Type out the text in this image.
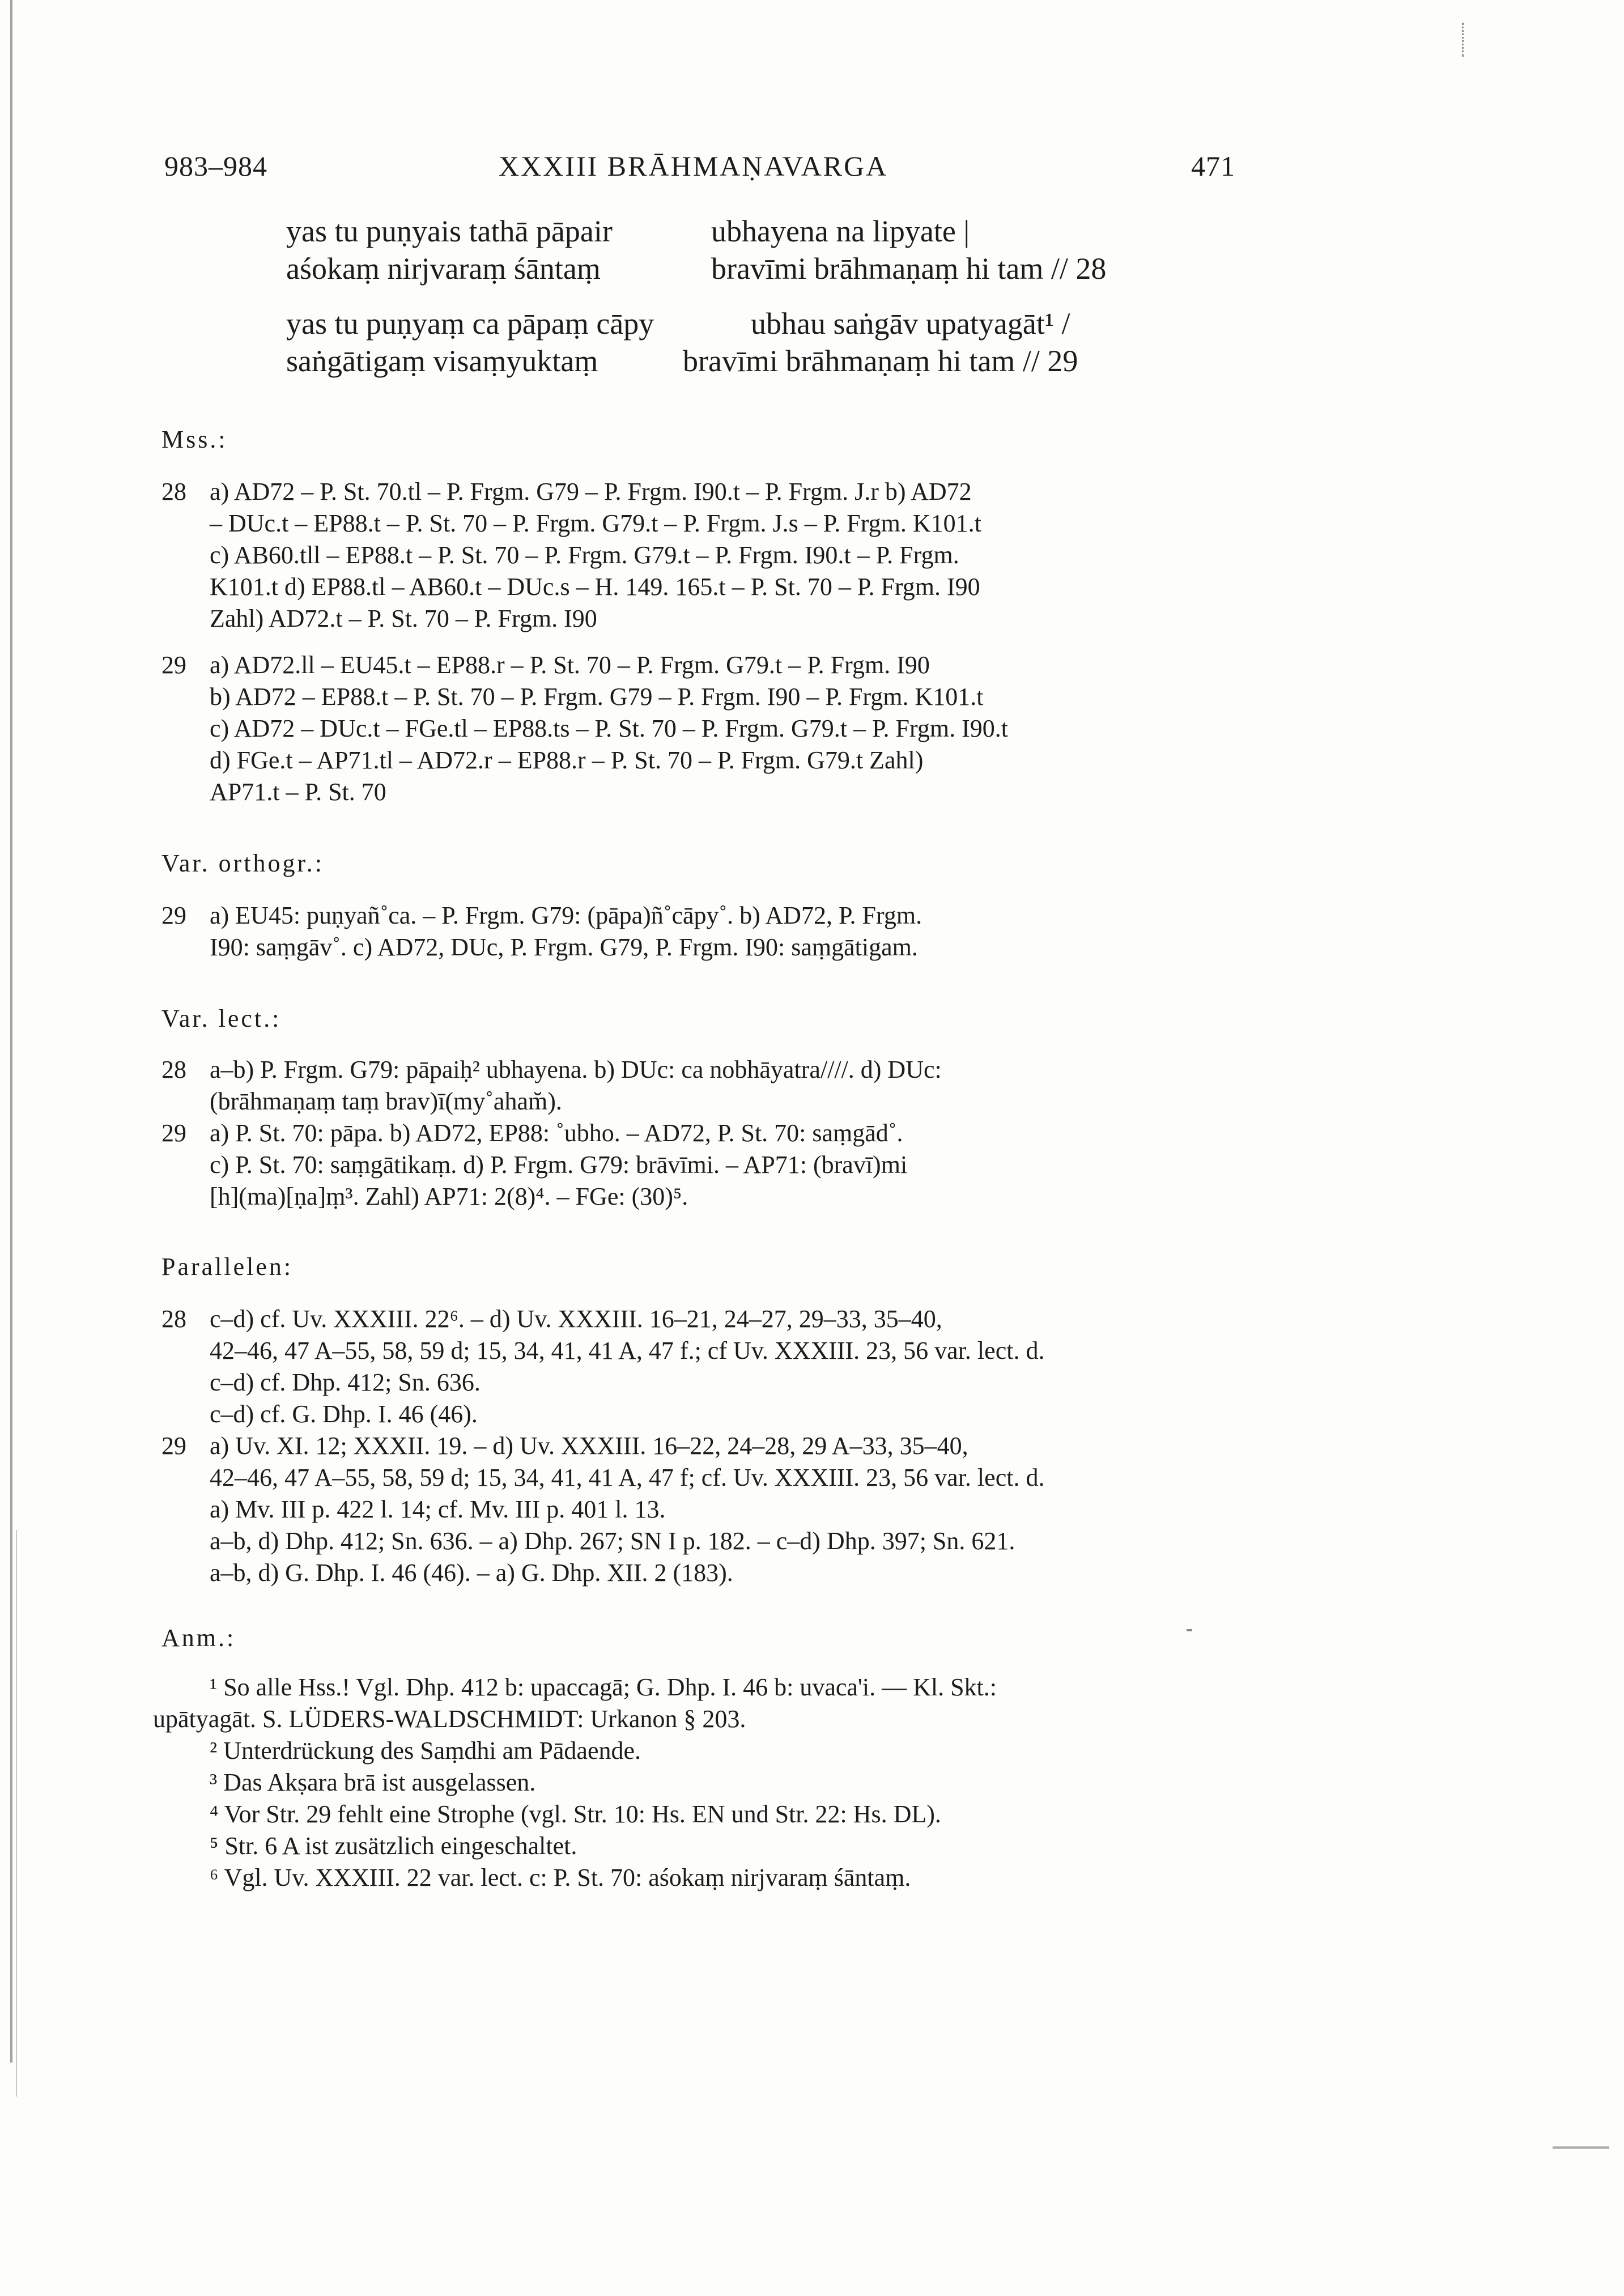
983–984	XXXIII BRĀHMAṆAVARGA	471
yas tu puṇyais tathā pāpair	ubhayena na lipyate |
aśokaṃ nirjvaraṃ śāntaṃ	bravīmi brāhmaṇaṃ hi tam // 28
yas tu puṇyaṃ ca pāpaṃ cāpy	ubhau saṅgāv upatyagāt¹ /
saṅgātigaṃ visaṃyuktaṃ	bravīmi brāhmaṇaṃ hi tam // 29
Mss.:
28 a) AD72 – P. St. 70.tl – P. Frgm. G79 – P. Frgm. I90.t – P. Frgm. J.r b) AD72
– DUc.t – EP88.t – P. St. 70 – P. Frgm. G79.t – P. Frgm. J.s – P. Frgm. K101.t
c) AB60.tll – EP88.t – P. St. 70 – P. Frgm. G79.t – P. Frgm. I90.t – P. Frgm.
K101.t d) EP88.tl – AB60.t – DUc.s – H. 149. 165.t – P. St. 70 – P. Frgm. I90
Zahl) AD72.t – P. St. 70 – P. Frgm. I90
29 a) AD72.ll – EU45.t – EP88.r – P. St. 70 – P. Frgm. G79.t – P. Frgm. I90
b) AD72 – EP88.t – P. St. 70 – P. Frgm. G79 – P. Frgm. I90 – P. Frgm. K101.t
c) AD72 – DUc.t – FGe.tl – EP88.ts – P. St. 70 – P. Frgm. G79.t – P. Frgm. I90.t
d) FGe.t – AP71.tl – AD72.r – EP88.r – P. St. 70 – P. Frgm. G79.t Zahl)
AP71.t – P. St. 70
Var. orthogr.:
29 a) EU45: puṇyañ˚ca. – P. Frgm. G79: (pāpa)ñ˚cāpy˚. b) AD72, P. Frgm.
I90: saṃgāv˚. c) AD72, DUc, P. Frgm. G79, P. Frgm. I90: saṃgātigam.
Var. lect.:
28 a–b) P. Frgm. G79: pāpaiḥ² ubhayena. b) DUc: ca nobhāyatra////. d) DUc:
(brāhmaṇaṃ taṃ brav)ī(my˚aham̆).
29 a) P. St. 70: pāpa. b) AD72, EP88: ˚ubho. – AD72, P. St. 70: saṃgād˚.
c) P. St. 70: saṃgātikaṃ. d) P. Frgm. G79: brāvīmi. – AP71: (bravī)mi
[h](ma)[ṇa]ṃ³. Zahl) AP71: 2(8)⁴. – FGe: (30)⁵.
Parallelen:
28 c–d) cf. Uv. XXXIII. 22⁶. – d) Uv. XXXIII. 16–21, 24–27, 29–33, 35–40,
42–46, 47 A–55, 58, 59 d; 15, 34, 41, 41 A, 47 f.; cf Uv. XXXIII. 23, 56 var. lect. d.
c–d) cf. Dhp. 412; Sn. 636.
c–d) cf. G. Dhp. I. 46 (46).
29 a) Uv. XI. 12; XXXII. 19. – d) Uv. XXXIII. 16–22, 24–28, 29 A–33, 35–40,
42–46, 47 A–55, 58, 59 d; 15, 34, 41, 41 A, 47 f; cf. Uv. XXXIII. 23, 56 var. lect. d.
a) Mv. III p. 422 l. 14; cf. Mv. III p. 401 l. 13.
a–b, d) Dhp. 412; Sn. 636. – a) Dhp. 267; SN I p. 182. – c–d) Dhp. 397; Sn. 621.
a–b, d) G. Dhp. I. 46 (46). – a) G. Dhp. XII. 2 (183).
Anm.:
¹ So alle Hss.! Vgl. Dhp. 412 b: upaccagā; G. Dhp. I. 46 b: uvaca'i. — Kl. Skt.:
upātyagāt. S. LÜDERS-WALDSCHMIDT: Urkanon § 203.
² Unterdrückung des Saṃdhi am Pādaende.
³ Das Akṣara brā ist ausgelassen.
⁴ Vor Str. 29 fehlt eine Strophe (vgl. Str. 10: Hs. EN und Str. 22: Hs. DL).
⁵ Str. 6 A ist zusätzlich eingeschaltet.
⁶ Vgl. Uv. XXXIII. 22 var. lect. c: P. St. 70: aśokaṃ nirjvaraṃ śāntaṃ.
